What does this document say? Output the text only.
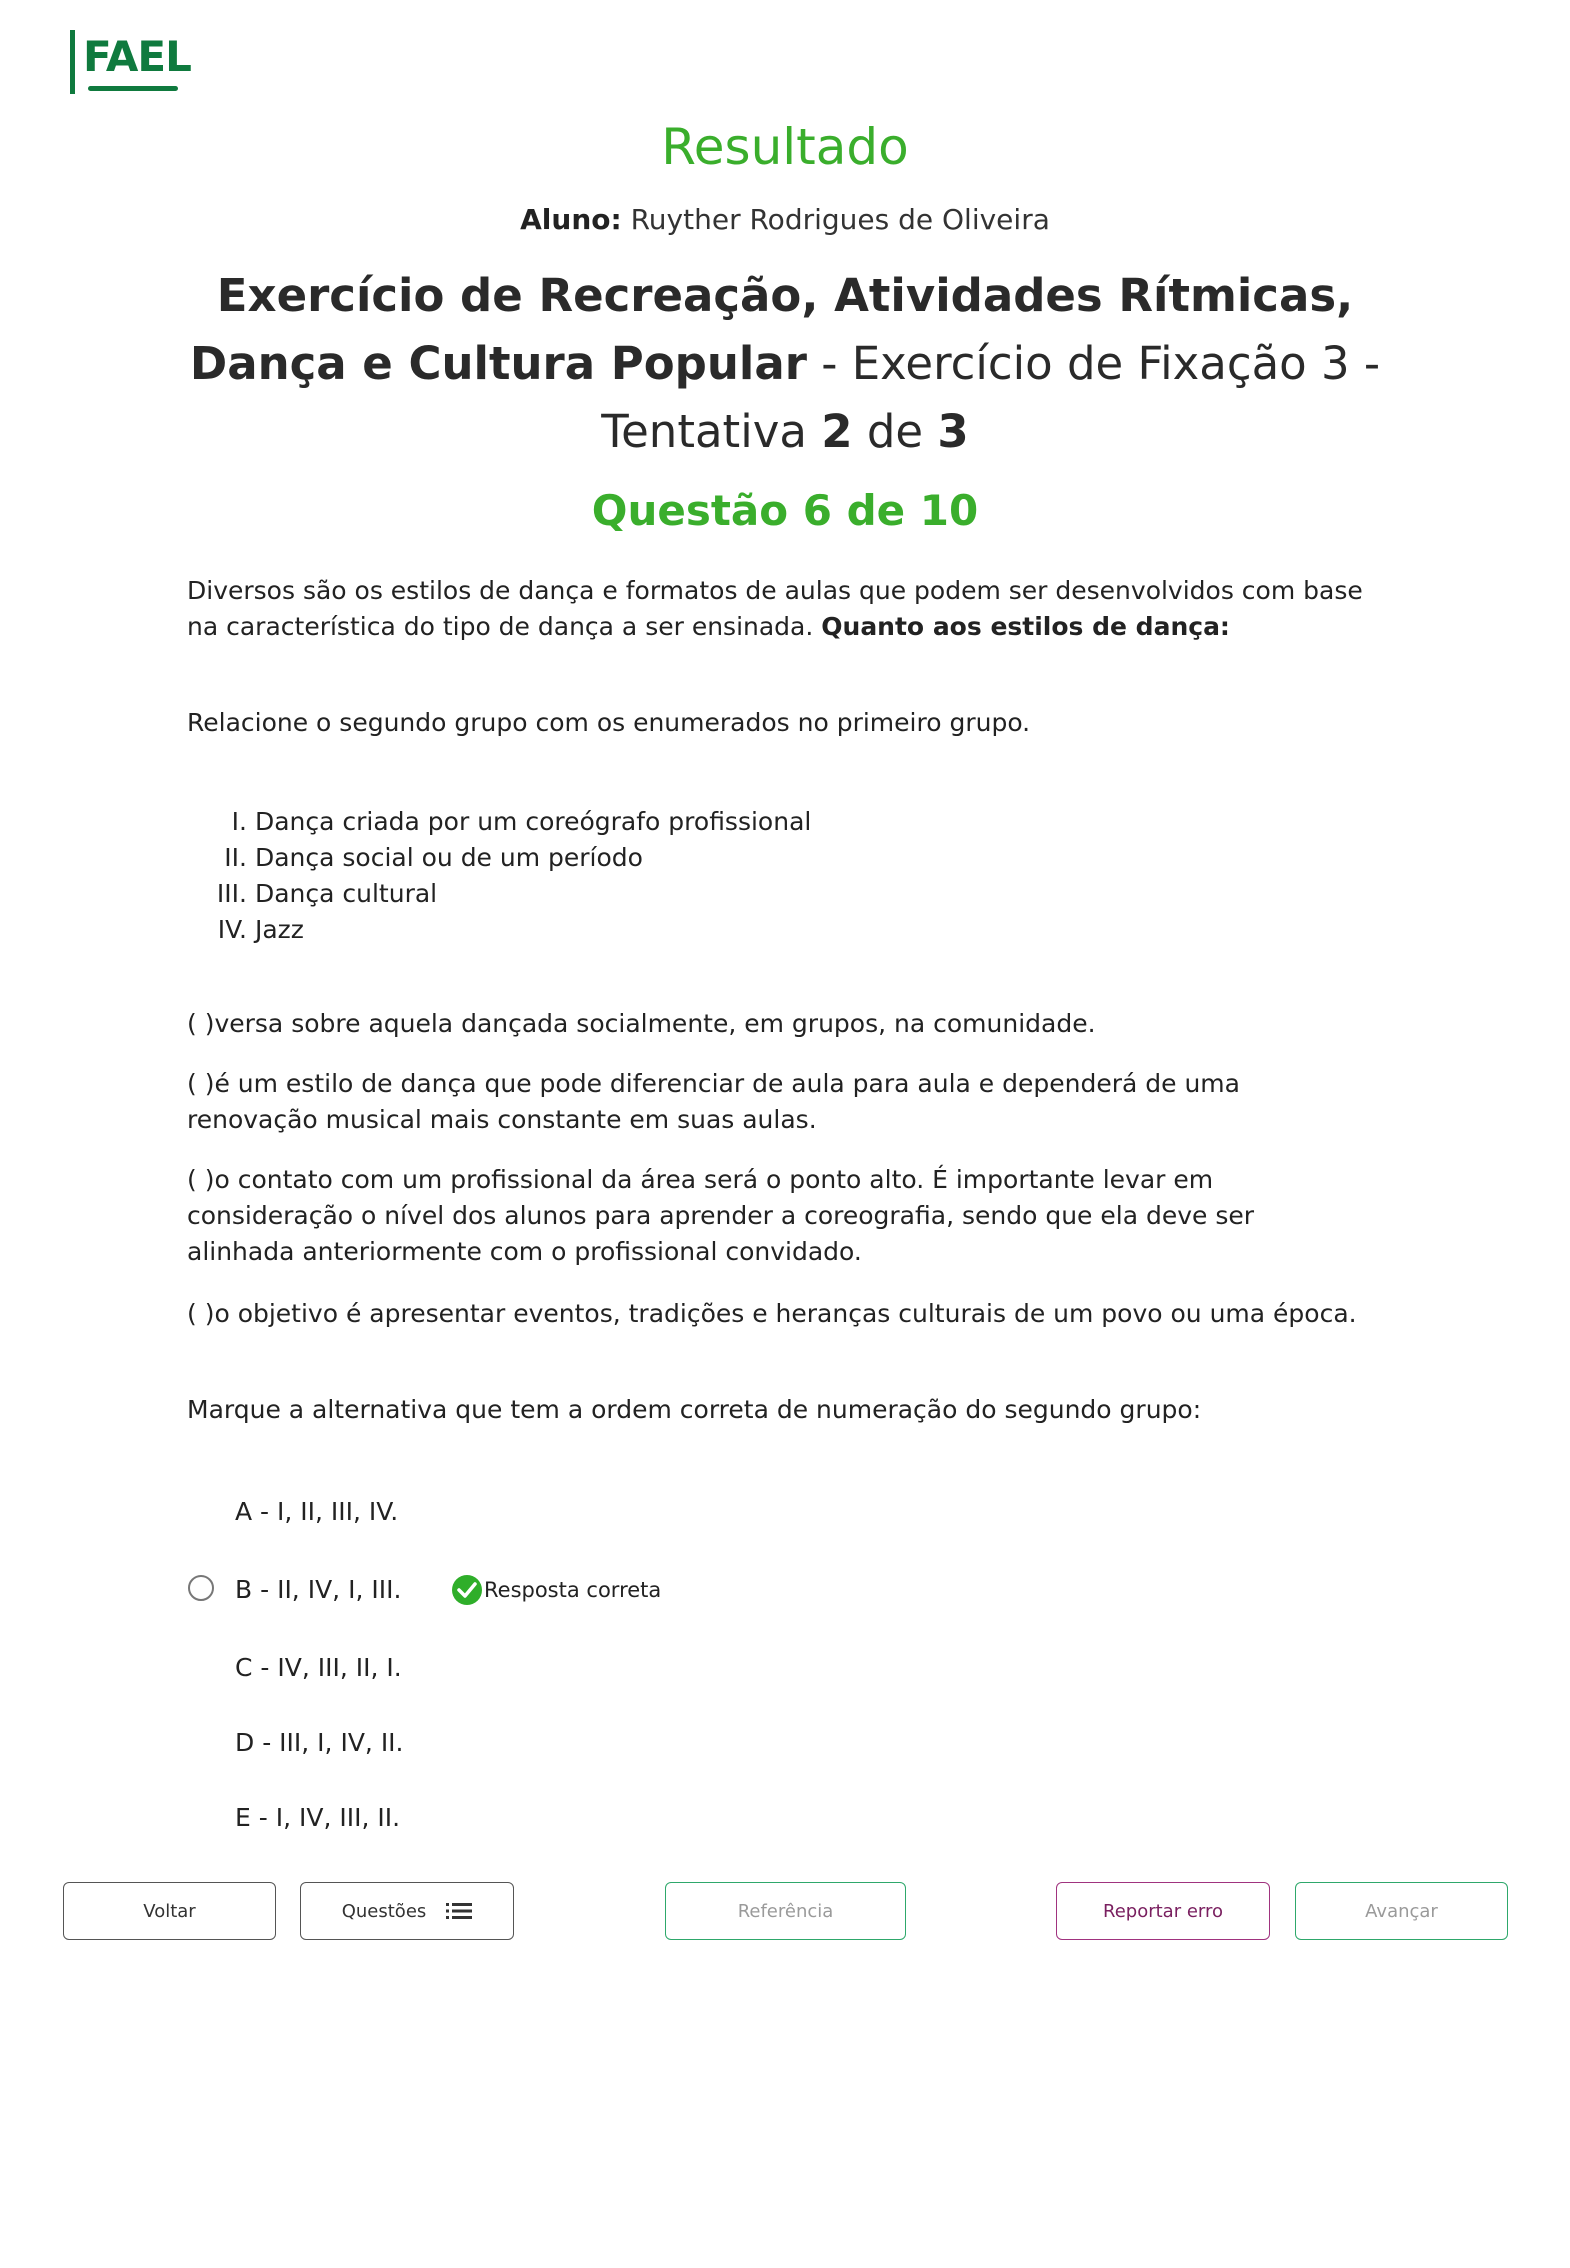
FAEL
Resultado
Aluno: Ruyther Rodrigues de Oliveira
Exercício de Recreação, Atividades Rítmicas, Dança e Cultura Popular - Exercício de Fixação 3 - Tentativa 2 de 3
Questão 6 de 10
Diversos são os estilos de dança e formatos de aulas que podem ser desenvolvidos com base na característica do tipo de dança a ser ensinada. Quanto aos estilos de dança:
Relacione o segundo grupo com os enumerados no primeiro grupo.
I. Dança criada por um coreógrafo profissional
II. Dança social ou de um período
III. Dança cultural
IV. Jazz
( )versa sobre aquela dançada socialmente, em grupos, na comunidade.
( )é um estilo de dança que pode diferenciar de aula para aula e dependerá de uma renovação musical mais constante em suas aulas.
( )o contato com um profissional da área será o ponto alto. É importante levar em consideração o nível dos alunos para aprender a coreografia, sendo que ela deve ser alinhada anteriormente com o profissional convidado.
( )o objetivo é apresentar eventos, tradições e heranças culturais de um povo ou uma época.
Marque a alternativa que tem a ordem correta de numeração do segundo grupo:
A - I, II, III, IV.
B - II, IV, I, III.	Resposta correta
C - IV, III, II, I.
D - III, I, IV, II.
E - I, IV, III, II.
Voltar	Questões	Referência	Reportar erro	Avançar
